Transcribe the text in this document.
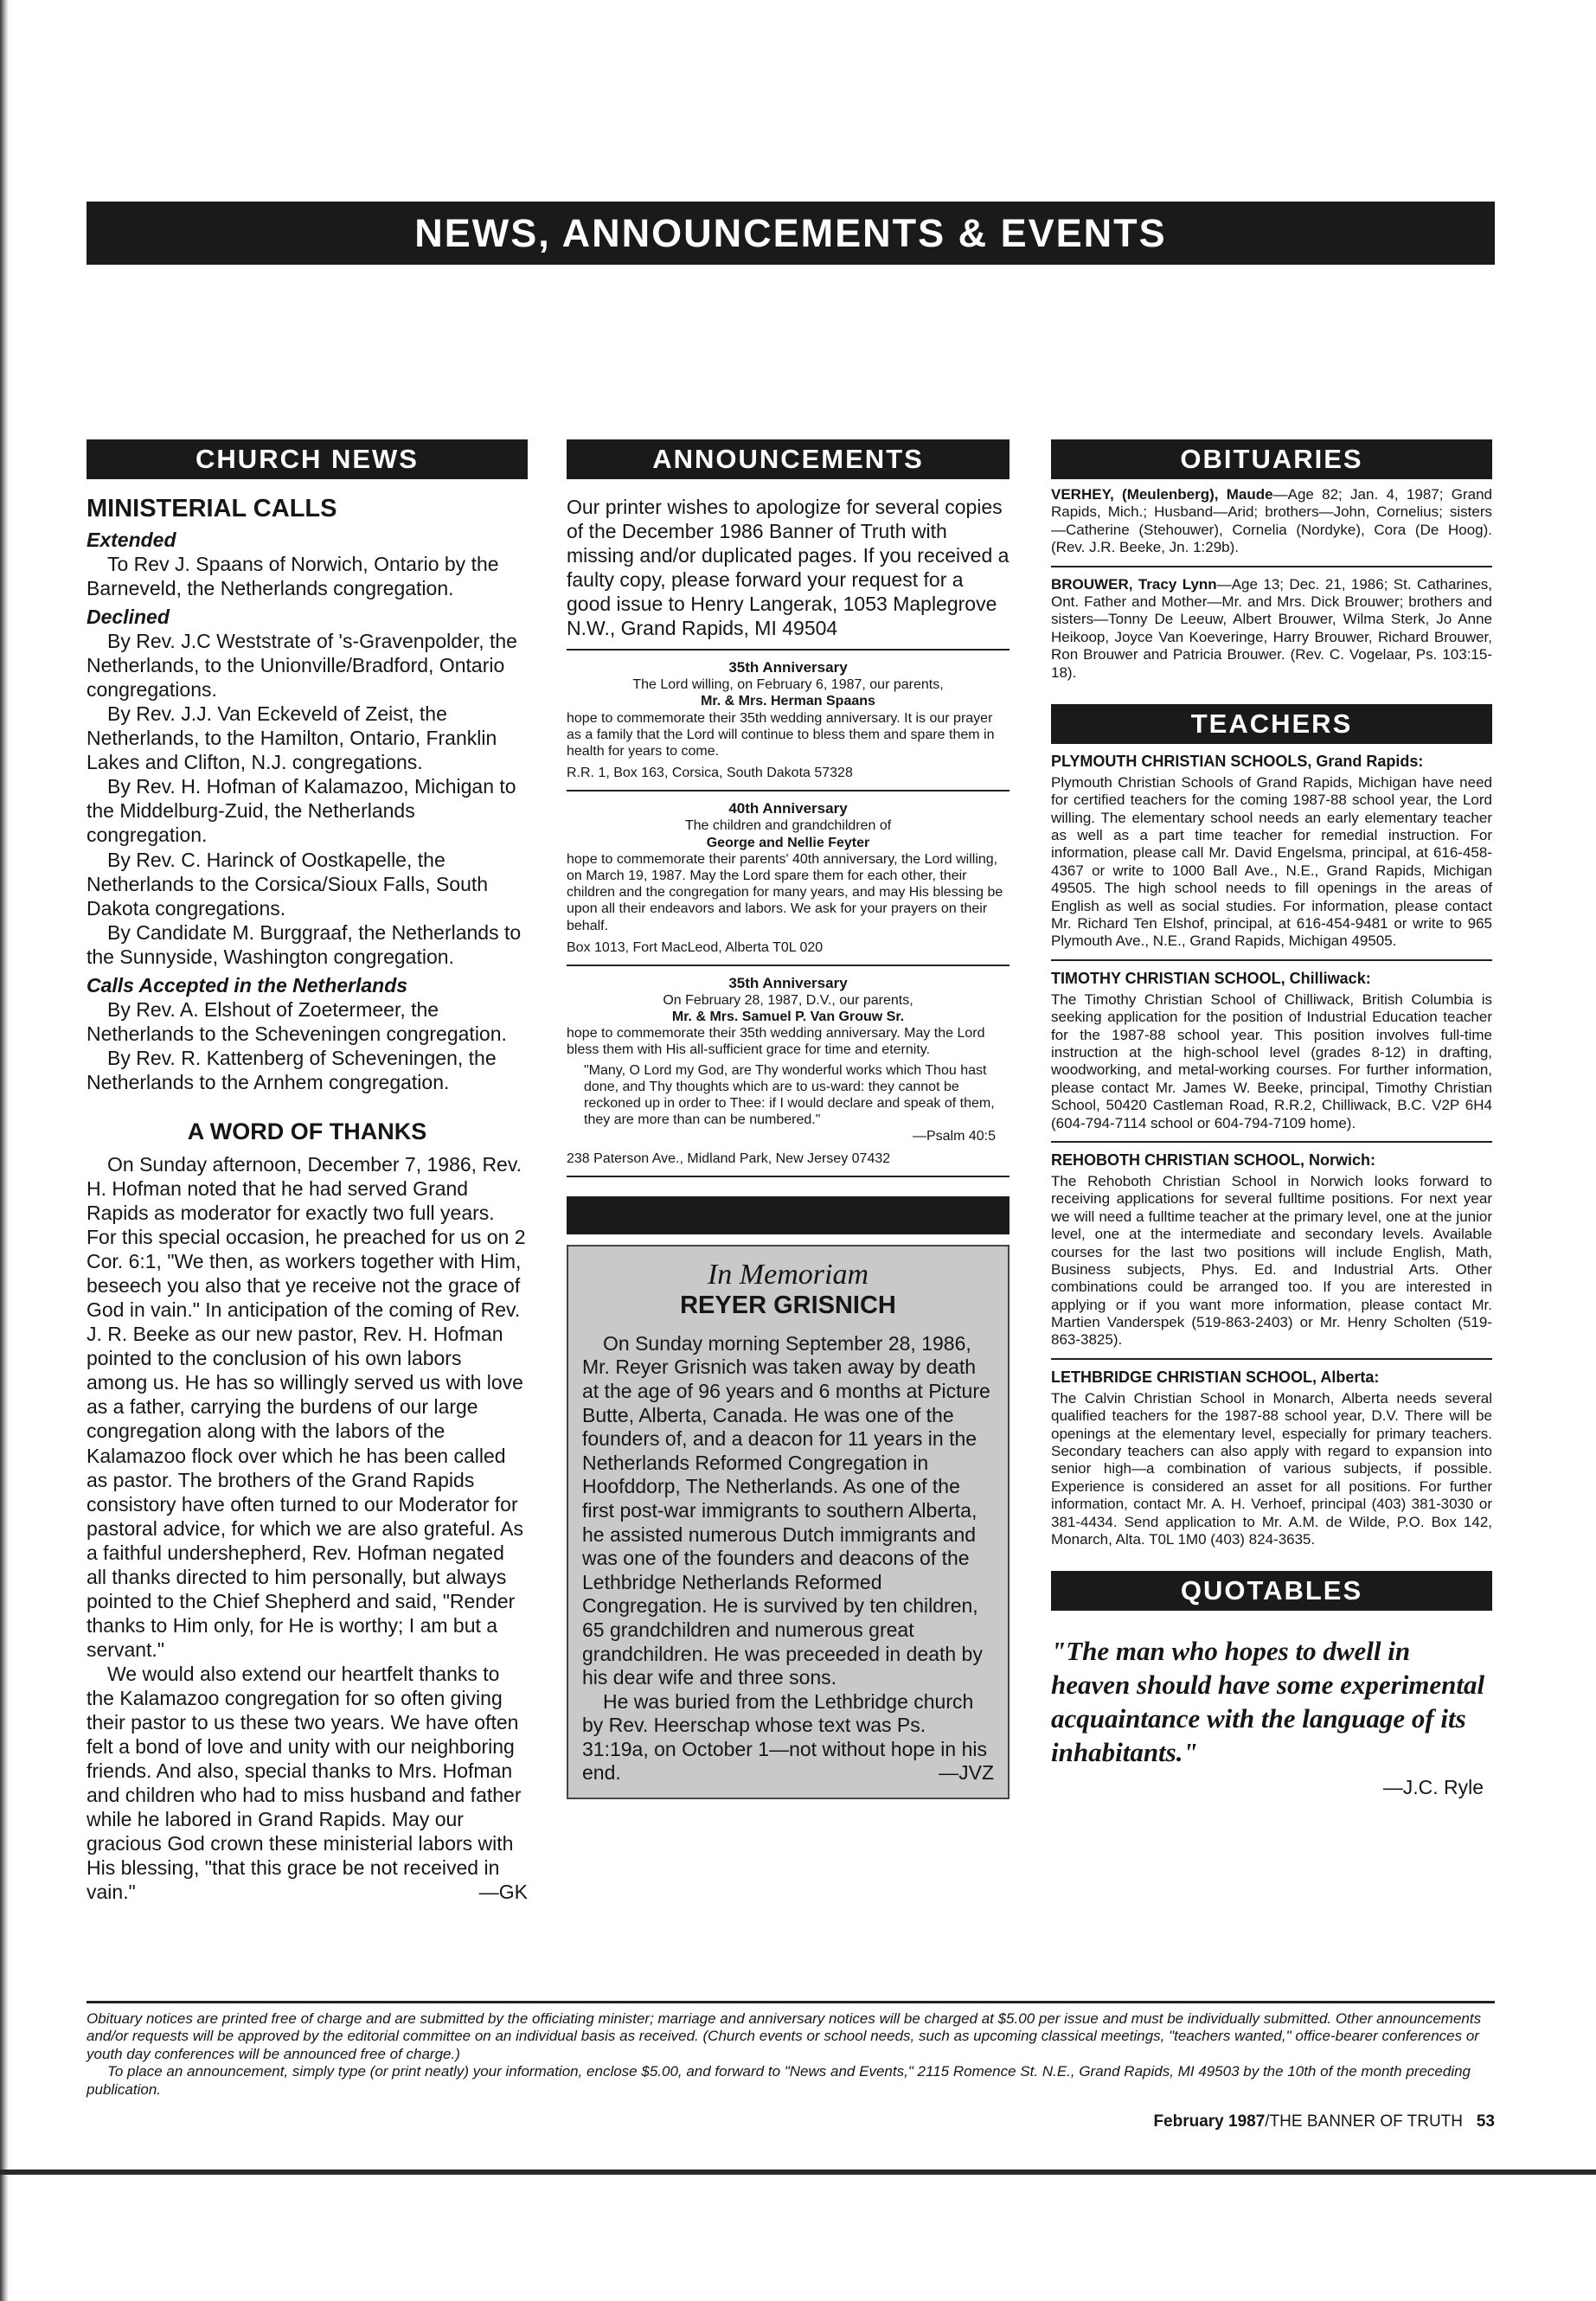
NEWS, ANNOUNCEMENTS & EVENTS
CHURCH NEWS
MINISTERIAL CALLS
Extended

To Rev J. Spaans of Norwich, Ontario by the Barneveld, the Netherlands congregation.

Declined

By Rev. J.C Weststrate of 's-Gravenpolder, the Netherlands, to the Unionville/Bradford, Ontario congregations.

By Rev. J.J. Van Eckeveld of Zeist, the Netherlands, to the Hamilton, Ontario, Franklin Lakes and Clifton, N.J. congregations.

By Rev. H. Hofman of Kalamazoo, Michigan to the Middelburg-Zuid, the Netherlands congregation.

By Rev. C. Harinck of Oostkapelle, the Netherlands to the Corsica/Sioux Falls, South Dakota congregations.

By Candidate M. Burggraaf, the Netherlands to the Sunnyside, Washington congregation.

Calls Accepted in the Netherlands

By Rev. A. Elshout of Zoetermeer, the Netherlands to the Scheveningen congregation.

By Rev. R. Kattenberg of Scheveningen, the Netherlands to the Arnhem congregation.

A WORD OF THANKS

On Sunday afternoon, December 7, 1986, Rev. H. Hofman noted that he had served Grand Rapids as moderator for exactly two full years. For this special occasion, he preached for us on 2 Cor. 6:1, "We then, as workers together with Him, beseech you also that ye receive not the grace of God in vain." In anticipation of the coming of Rev. J. R. Beeke as our new pastor, Rev. H. Hofman pointed to the conclusion of his own labors among us. He has so willingly served us with love as a father, carrying the burdens of our large congregation along with the labors of the Kalamazoo flock over which he has been called as pastor. The brothers of the Grand Rapids consistory have often turned to our Moderator for pastoral advice, for which we are also grateful. As a faithful undershepherd, Rev. Hofman negated all thanks directed to him personally, but always pointed to the Chief Shepherd and said, "Render thanks to Him only, for He is worthy; I am but a servant."

We would also extend our heartfelt thanks to the Kalamazoo congregation for so often giving their pastor to us these two years. We have often felt a bond of love and unity with our neighboring friends. And also, special thanks to Mrs. Hofman and children who had to miss husband and father while he labored in Grand Rapids. May our gracious God crown these ministerial labors with His blessing, "that this grace be not received in vain."	—GK

ANNOUNCEMENTS

Our printer wishes to apologize for several copies of the December 1986 Banner of Truth with missing and/or duplicated pages. If you received a faulty copy, please forward your request for a good issue to Henry Langerak, 1053 Maplegrove N.W., Grand Rapids, MI 49504

35th Anniversary
The Lord willing, on February 6, 1987, our parents,
Mr. & Mrs. Herman Spaans
hope to commemorate their 35th wedding anniversary. It is our prayer as a family that the Lord will continue to bless them and spare them in health for years to come.
R.R. 1, Box 163, Corsica, South Dakota 57328
40th Anniversary
The children and grandchildren of
George and Nellie Feyter
hope to commemorate their parents' 40th anniversary, the Lord willing, on March 19, 1987. May the Lord spare them for each other, their children and the congregation for many years, and may His blessing be upon all their endeavors and labors. We ask for your prayers on their behalf.
Box 1013, Fort MacLeod, Alberta T0L 020
35th Anniversary
On February 28, 1987, D.V., our parents,
Mr. & Mrs. Samuel P. Van Grouw Sr.
hope to commemorate their 35th wedding anniversary. May the Lord bless them with His all-sufficient grace for time and eternity.
"Many, O Lord my God, are Thy wonderful works which Thou hast done, and Thy thoughts which are to us-ward: they cannot be reckoned up in order to Thee: if I would declare and speak of them, they are more than can be numbered."
—Psalm 40:5
238 Paterson Ave., Midland Park, New Jersey 07432
In Memoriam
REYER GRISNICH

On Sunday morning September 28, 1986, Mr. Reyer Grisnich was taken away by death at the age of 96 years and 6 months at Picture Butte, Alberta, Canada. He was one of the founders of, and a deacon for 11 years in the Netherlands Reformed Congregation in Hoofddorp, The Netherlands. As one of the first post-war immigrants to southern Alberta, he assisted numerous Dutch immigrants and was one of the founders and deacons of the Lethbridge Netherlands Reformed Congregation. He is survived by ten children, 65 grandchildren and numerous great grandchildren. He was preceeded in death by his dear wife and three sons.

He was buried from the Lethbridge church by Rev. Heerschap whose text was Ps. 31:19a, on October 1—not without hope in his end.	—JVZ

OBITUARIES

VERHEY, (Meulenberg), Maude—Age 82; Jan. 4, 1987; Grand Rapids, Mich.; Husband—Arid; brothers—John, Cornelius; sisters—Catherine (Stehouwer), Cornelia (Nordyke), Cora (De Hoog). (Rev. J.R. Beeke, Jn. 1:29b).

BROUWER, Tracy Lynn—Age 13; Dec. 21, 1986; St. Catharines, Ont. Father and Mother—Mr. and Mrs. Dick Brouwer; brothers and sisters—Tonny De Leeuw, Albert Brouwer, Wilma Sterk, Jo Anne Heikoop, Joyce Van Koeveringe, Harry Brouwer, Richard Brouwer, Ron Brouwer and Patricia Brouwer. (Rev. C. Vogelaar, Ps. 103:15-18).

TEACHERS
PLYMOUTH CHRISTIAN SCHOOLS, Grand Rapids:

Plymouth Christian Schools of Grand Rapids, Michigan have need for certified teachers for the coming 1987-88 school year, the Lord willing. The elementary school needs an early elementary teacher as well as a part time teacher for remedial instruction. For information, please call Mr. David Engelsma, principal, at 616-458-4367 or write to 1000 Ball Ave., N.E., Grand Rapids, Michigan 49505. The high school needs to fill openings in the areas of English as well as social studies. For information, please contact Mr. Richard Ten Elshof, principal, at 616-454-9481 or write to 965 Plymouth Ave., N.E., Grand Rapids, Michigan 49505.

TIMOTHY CHRISTIAN SCHOOL, Chilliwack:

The Timothy Christian School of Chilliwack, British Columbia is seeking application for the position of Industrial Education teacher for the 1987-88 school year. This position involves full-time instruction at the high-school level (grades 8-12) in drafting, woodworking, and metal-working courses. For further information, please contact Mr. James W. Beeke, principal, Timothy Christian School, 50420 Castleman Road, R.R.2, Chilliwack, B.C. V2P 6H4 (604-794-7114 school or 604-794-7109 home).

REHOBOTH CHRISTIAN SCHOOL, Norwich:

The Rehoboth Christian School in Norwich looks forward to receiving applications for several fulltime positions. For next year we will need a fulltime teacher at the primary level, one at the junior level, one at the intermediate and secondary levels. Available courses for the last two positions will include English, Math, Business subjects, Phys. Ed. and Industrial Arts. Other combinations could be arranged too. If you are interested in applying or if you want more information, please contact Mr. Martien Vanderspek (519-863-2403) or Mr. Henry Scholten (519-863-3825).

LETHBRIDGE CHRISTIAN SCHOOL, Alberta:

The Calvin Christian School in Monarch, Alberta needs several qualified teachers for the 1987-88 school year, D.V. There will be openings at the elementary level, especially for primary teachers. Secondary teachers can also apply with regard to expansion into senior high—a combination of various subjects, if possible. Experience is considered an asset for all positions. For further information, contact Mr. A. H. Verhoef, principal (403) 381-3030 or 381-4434. Send application to Mr. A.M. de Wilde, P.O. Box 142, Monarch, Alta. T0L 1M0 (403) 824-3635.

QUOTABLES
"The man who hopes to dwell in heaven should have some experimental acquaintance with the language of its inhabitants."
—J.C. Ryle

Obituary notices are printed free of charge and are submitted by the officiating minister; marriage and anniversary notices will be charged at $5.00 per issue and must be individually submitted. Other announcements and/or requests will be approved by the editorial committee on an individual basis as received. (Church events or school needs, such as upcoming classical meetings, "teachers wanted," office-bearer conferences or youth day conferences will be announced free of charge.)

To place an announcement, simply type (or print neatly) your information, enclose $5.00, and forward to "News and Events," 2115 Romence St. N.E., Grand Rapids, MI 49503 by the 10th of the month preceding publication.

February 1987/THE BANNER OF TRUTH 53
